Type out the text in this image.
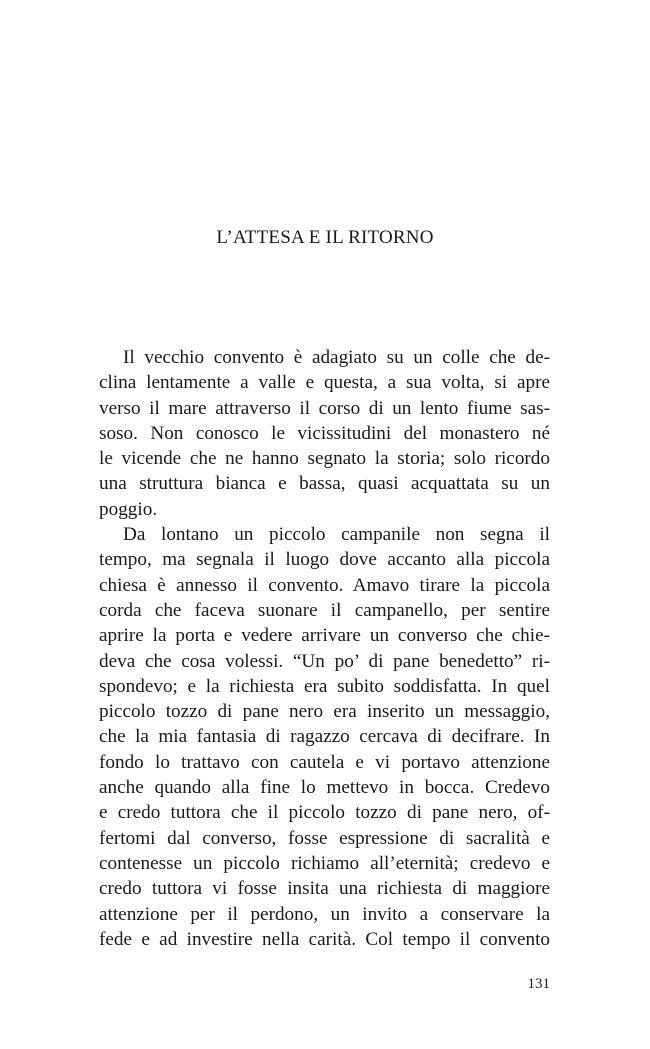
L’ATTESA E IL RITORNO
Il vecchio convento è adagiato su un colle che de-
clina lentamente a valle e questa, a sua volta, si apre
verso il mare attraverso il corso di un lento fiume sas-
soso. Non conosco le vicissitudini del monastero né
le vicende che ne hanno segnato la storia; solo ricordo
una struttura bianca e bassa, quasi acquattata su un
poggio.
Da lontano un piccolo campanile non segna il
tempo, ma segnala il luogo dove accanto alla piccola
chiesa è annesso il convento. Amavo tirare la piccola
corda che faceva suonare il campanello, per sentire
aprire la porta e vedere arrivare un converso che chie-
deva che cosa volessi. “Un po’ di pane benedetto” ri-
spondevo; e la richiesta era subito soddisfatta. In quel
piccolo tozzo di pane nero era inserito un messaggio,
che la mia fantasia di ragazzo cercava di decifrare. In
fondo lo trattavo con cautela e vi portavo attenzione
anche quando alla fine lo mettevo in bocca. Credevo
e credo tuttora che il piccolo tozzo di pane nero, of-
fertomi dal converso, fosse espressione di sacralità e
contenesse un piccolo richiamo all’eternità; credevo e
credo tuttora vi fosse insita una richiesta di maggiore
attenzione per il perdono, un invito a conservare la
fede e ad investire nella carità. Col tempo il convento
131
